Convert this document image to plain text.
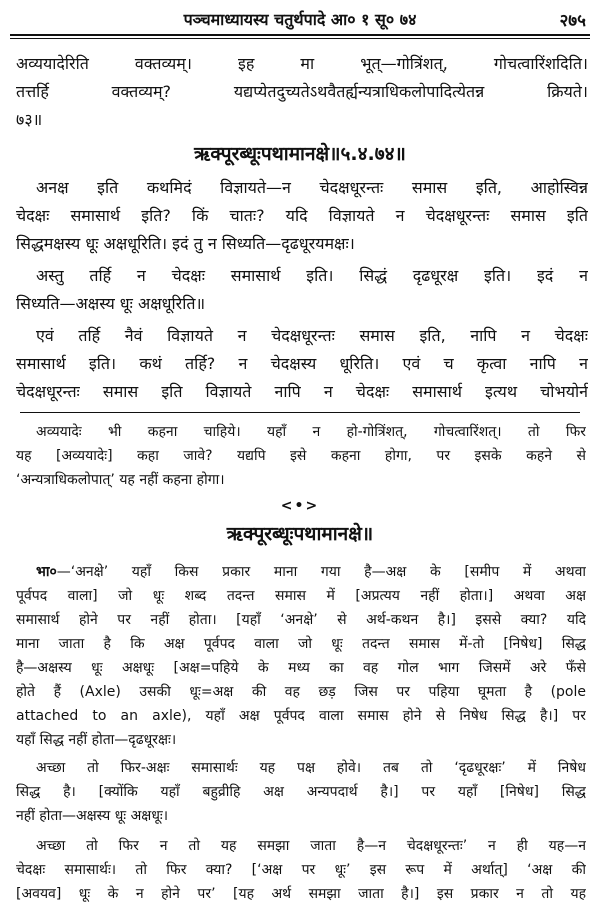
पञ्चमाध्यायस्य चतुर्थपादे आ० १ सू० ७४	२७५
अव्ययादेरिति वक्तव्यम्। इह मा भूत्—गोत्रिंशत्, गोचत्वारिंशदिति।
तत्तर्हि वक्तव्यम्? यद्यप्येतदुच्यतेऽथवैतर्ह्यन्यत्राधिकलोपादित्येतन्न क्रियते।
७३॥
ऋक्पूरब्धूःपथामानक्षे॥५.४.७४॥
अनक्ष इति कथमिदं विज्ञायते—न चेदक्षधूरन्तः समास इति, आहोस्विन्न
चेदक्षः समासार्थ इति? किं चातः? यदि विज्ञायते न चेदक्षधूरन्तः समास इति
सिद्धमक्षस्य धूः अक्षधूरिति। इदं तु न सिध्यति—दृढधूरयमक्षः।
अस्तु तर्हि न चेदक्षः समासार्थ इति। सिद्धं दृढधूरक्ष इति। इदं न
सिध्यति—अक्षस्य धूः अक्षधूरिति॥
एवं तर्हि नैवं विज्ञायते न चेदक्षधूरन्तः समास इति, नापि न चेदक्षः
समासार्थ इति। कथं तर्हि? न चेदक्षस्य धूरिति। एवं च कृत्वा नापि न
चेदक्षधूरन्तः समास इति विज्ञायते नापि न चेदक्षः समासार्थ इत्यथ चोभयोर्न
अव्ययादेः भी कहना चाहिये। यहाँ न हो-गोत्रिंशत्, गोचत्वारिंशत्। तो फिर
यह [अव्ययादेः] कहा जावे? यद्यपि इसे कहना होगा, पर इसके कहने से
‘अन्यत्राधिकलोपात्’ यह नहीं कहना होगा।
<•>
ऋक्पूरब्धूःपथामानक्षे॥
भा०—‘अनक्षे’ यहाँ किस प्रकार माना गया है—अक्ष के [समीप में अथवा
पूर्वपद वाला] जो धूः शब्द तदन्त समास में [अप्रत्यय नहीं होता।] अथवा अक्ष
समासार्थ होने पर नहीं होता। [यहाँ ‘अनक्षे’ से अर्थ-कथन है।] इससे क्या? यदि
माना जाता है कि अक्ष पूर्वपद वाला जो धूः तदन्त समास में-तो [निषेध] सिद्ध
है—अक्षस्य धूः अक्षधूः [अक्ष=पहिये के मध्य का वह गोल भाग जिसमें अरे फँसे
होते हैं (Axle) उसकी धूः=अक्ष की वह छड़ जिस पर पहिया घूमता है (pole
attached to an axle), यहाँ अक्ष पूर्वपद वाला समास होने से निषेध सिद्ध है।] पर
यहाँ सिद्ध नहीं होता—दृढधूरक्षः।
अच्छा तो फिर-अक्षः समासार्थः यह पक्ष होवे। तब तो ‘दृढधूरक्षः’ में निषेध
सिद्ध है। [क्योंकि यहाँ बहुव्रीहि अक्ष अन्यपदार्थ है।] पर यहाँ [निषेध] सिद्ध
नहीं होता—अक्षस्य धूः अक्षधूः।
अच्छा तो फिर न तो यह समझा जाता है—न चेदक्षधूरन्तः’ न ही यह—न
चेदक्षः समासार्थः। तो फिर क्या? [‘अक्ष पर धूः’ इस रूप में अर्थात्] ‘अक्ष की
[अवयव] धूः के न होने पर’ [यह अर्थ समझा जाता है।] इस प्रकार न तो यह
